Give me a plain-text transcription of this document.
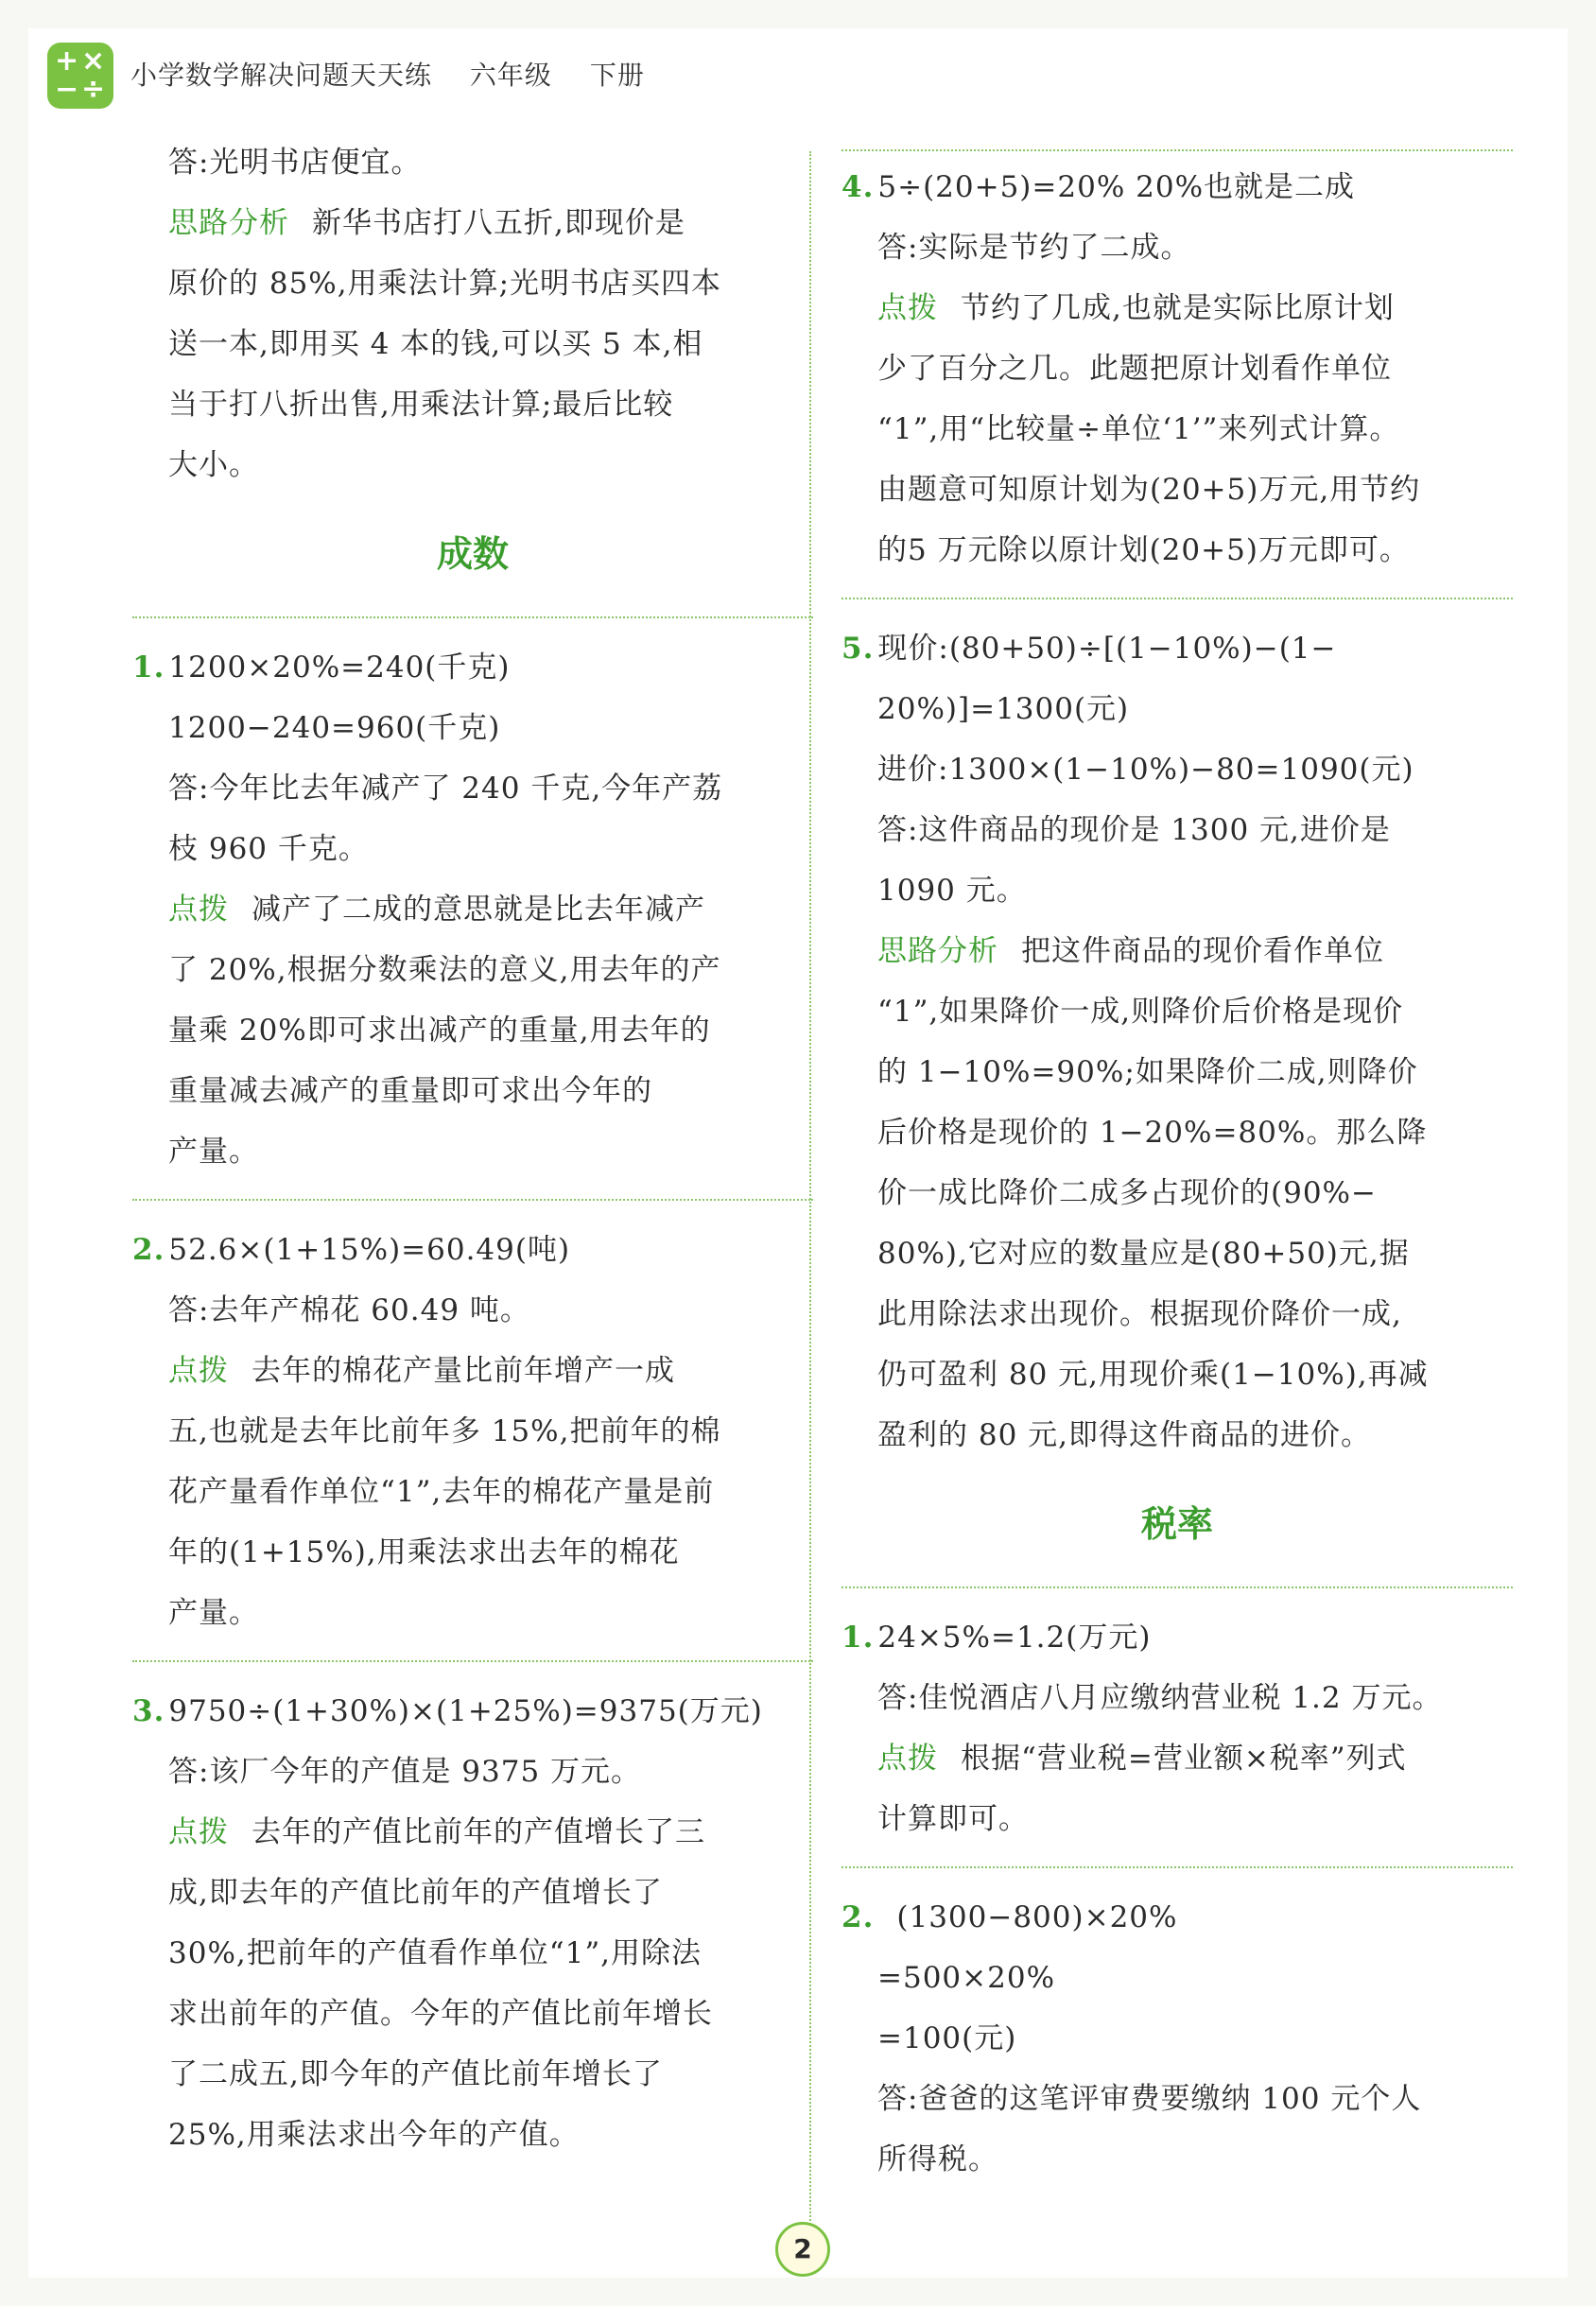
+ ×
− ÷ 小学数学解决问题天天练 六年级 下册
答:光明书店便宜。
思路分析 新华书店打八五折,即现价是
原价的 85%,用乘法计算;光明书店买四本
送一本,即用买 4 本的钱,可以买 5 本,相
当于打八折出售,用乘法计算;最后比较
大小。
成数
1. 1200×20%=240(千克)
1200−240=960(千克)
答:今年比去年减产了 240 千克,今年产荔
枝 960 千克。
点拨 减产了二成的意思就是比去年减产
了 20%,根据分数乘法的意义,用去年的产
量乘 20%即可求出减产的重量,用去年的
重量减去减产的重量即可求出今年的
产量。
2. 52.6×(1+15%)=60.49(吨)
答:去年产棉花 60.49 吨。
点拨 去年的棉花产量比前年增产一成
五,也就是去年比前年多 15%,把前年的棉
花产量看作单位“1”,去年的棉花产量是前
年的(1+15%),用乘法求出去年的棉花
产量。
3. 9750÷(1+30%)×(1+25%)=9375(万元)
答:该厂今年的产值是 9375 万元。
点拨 去年的产值比前年的产值增长了三
成,即去年的产值比前年的产值增长了
30%,把前年的产值看作单位“1”,用除法
求出前年的产值。今年的产值比前年增长
了二成五,即今年的产值比前年增长了
25%,用乘法求出今年的产值。
4. 5÷(20+5)=20% 20%也就是二成
答:实际是节约了二成。
点拨 节约了几成,也就是实际比原计划
少了百分之几。此题把原计划看作单位
“1”,用“比较量÷单位‘1’”来列式计算。
由题意可知原计划为(20+5)万元,用节约
的5 万元除以原计划(20+5)万元即可。
5. 现价:(80+50)÷[(1−10%)−(1−
20%)]=1300(元)
进价:1300×(1−10%)−80=1090(元)
答:这件商品的现价是 1300 元,进价是
1090 元。
思路分析 把这件商品的现价看作单位
“1”,如果降价一成,则降价后价格是现价
的 1−10%=90%;如果降价二成,则降价
后价格是现价的 1−20%=80%。那么降
价一成比降价二成多占现价的(90%−
80%),它对应的数量应是(80+50)元,据
此用除法求出现价。根据现价降价一成,
仍可盈利 80 元,用现价乘(1−10%),再减
盈利的 80 元,即得这件商品的进价。
税率
1. 24×5%=1.2(万元)
答:佳悦酒店八月应缴纳营业税 1.2 万元。
点拨 根据“营业税=营业额×税率”列式
计算即可。
2. (1300−800)×20%
=500×20%
=100(元)
答:爸爸的这笔评审费要缴纳 100 元个人
所得税。
2
